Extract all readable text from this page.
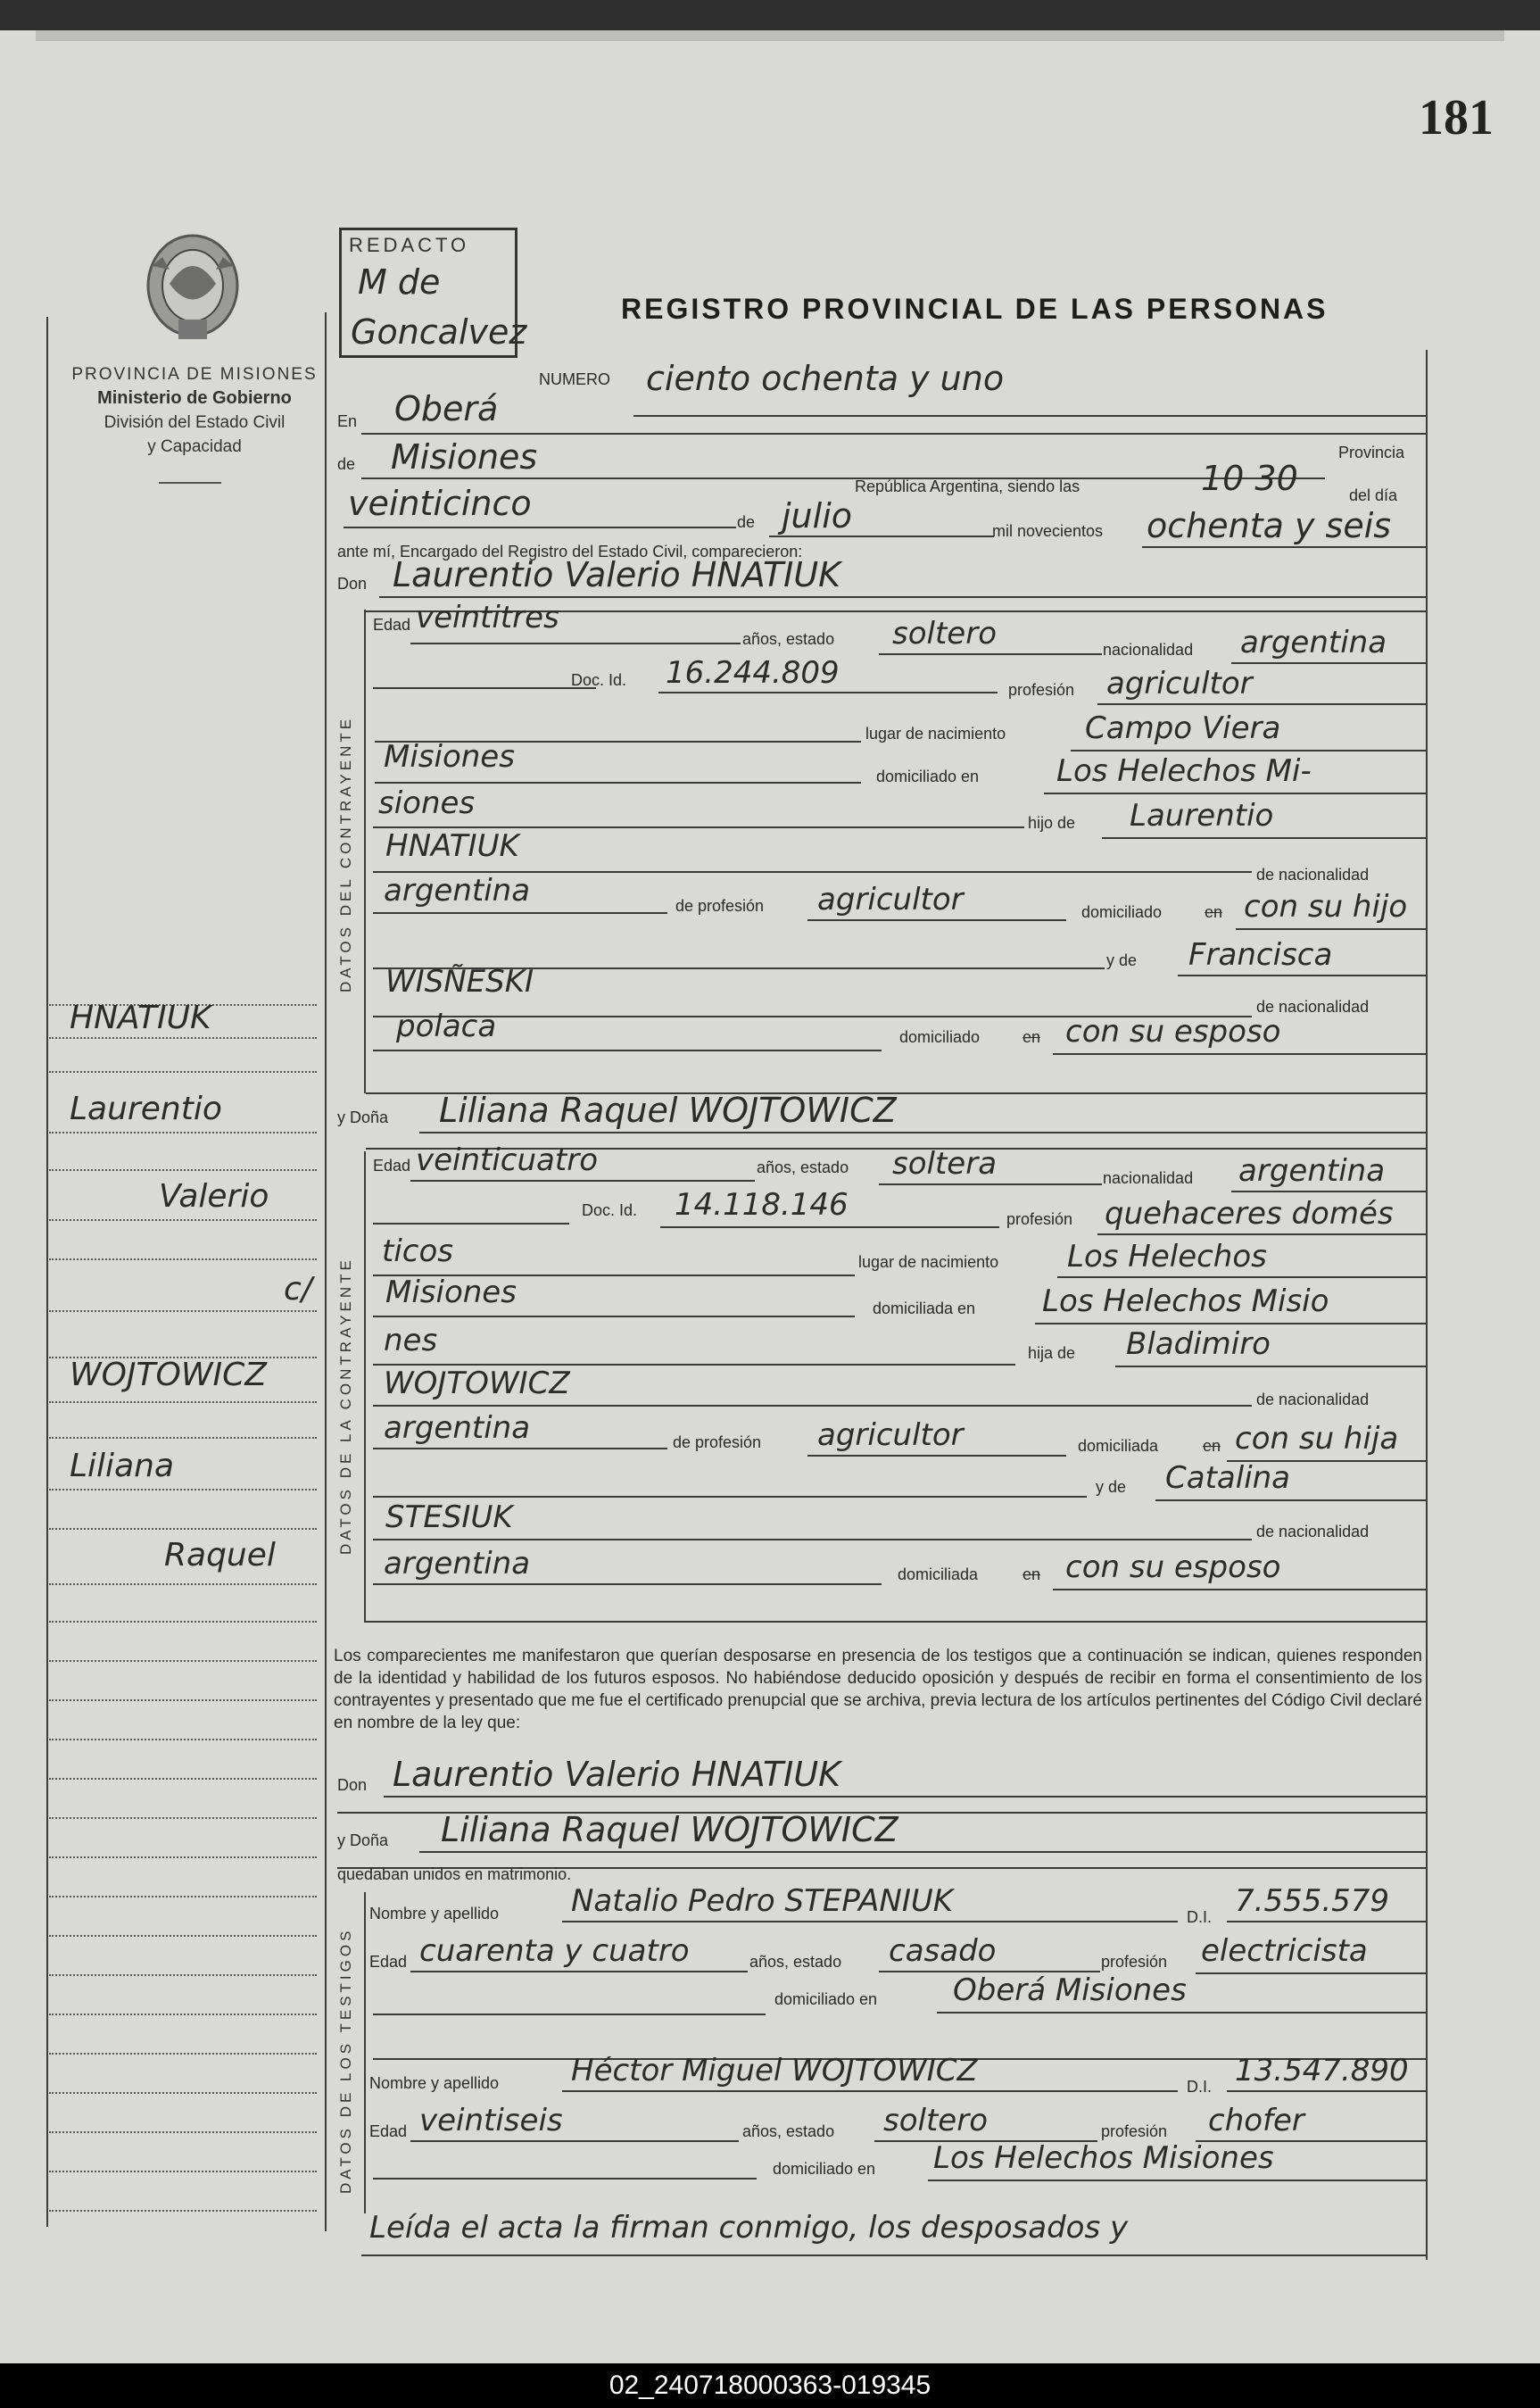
181
PROVINCIA DE MISIONES
Ministerio de Gobierno
División del Estado Civil
y Capacidad
REDACTO
M de
Goncalvez
REGISTRO PROVINCIAL DE LAS PERSONAS
DATOS DEL CONTRAYENTE
DATOS DE LA CONTRAYENTE
DATOS DE LOS TESTIGOS
NUMERO ciento ochenta y uno
En Oberá
de Misiones	Provincia
República Argentina, siendo las	10 30	del día
veinticinco	de julio	mil novecientos ochenta y seis
ante mí, Encargado del Registro del Estado Civil, comparecieron:
Don Laurentio Valerio HNATIUK
Edad veintitres
años, estado soltero	nacionalidad argentina
Doc. Id. 16.244.809	profesión agricultor
lugar de nacimiento	Campo Viera
Misiones
domiciliado en	Los Helechos Mi-
siones
hijo de Laurentio
HNATIUK
de nacionalidad
argentina	de profesión agricultor	domiciliado	en con su hijo
y de Francisca
WISÑESKI
de nacionalidad
polaca	domiciliado	en con su esposo
y Doña Liliana Raquel WOJTOWICZ
Edad veinticuatro	años, estado soltera	nacionalidad argentina
Doc. Id. 14.118.146	profesión quehaceres domés
ticos	lugar de nacimiento Los Helechos
Misiones	domiciliada en Los Helechos Misio
nes	hija de Bladimiro
WOJTOWICZ	de nacionalidad
argentina	de profesión agricultor	domiciliada	en con su hija
y de Catalina
STESIUK	de nacionalidad
argentina	domiciliada	en con su esposo
Los comparecientes me manifestaron que querían desposarse en presencia de los testigos que a continuación se indican, quienes responden de la identidad y habilidad de los futuros esposos. No habiéndose deducido oposición y después de recibir en forma el consentimiento de los contrayentes y presentado que me fue el certificado prenupcial que se archiva, previa lectura de los artículos pertinentes del Código Civil declaré en nombre de la ley que:
Don Laurentio Valerio HNATIUK
y Doña Liliana Raquel WOJTOWICZ
quedaban unidos en matrimonio.
Nombre y apellido Natalio Pedro STEPANIUK	D.I. 7.555.579
Edad cuarenta y cuatro	años, estado casado	profesión electricista
domiciliado en Oberá Misiones
Nombre y apellido Héctor Miguel WOJTOWICZ	D.I. 13.547.890
Edad veintiseis	años, estado soltero	profesión chofer
domiciliado en Los Helechos Misiones
Leída el acta la firman conmigo, los desposados y
HNATIUK
Laurentio
Valerio
c/
WOJTOWICZ
Liliana
Raquel
02_240718000363-019345
